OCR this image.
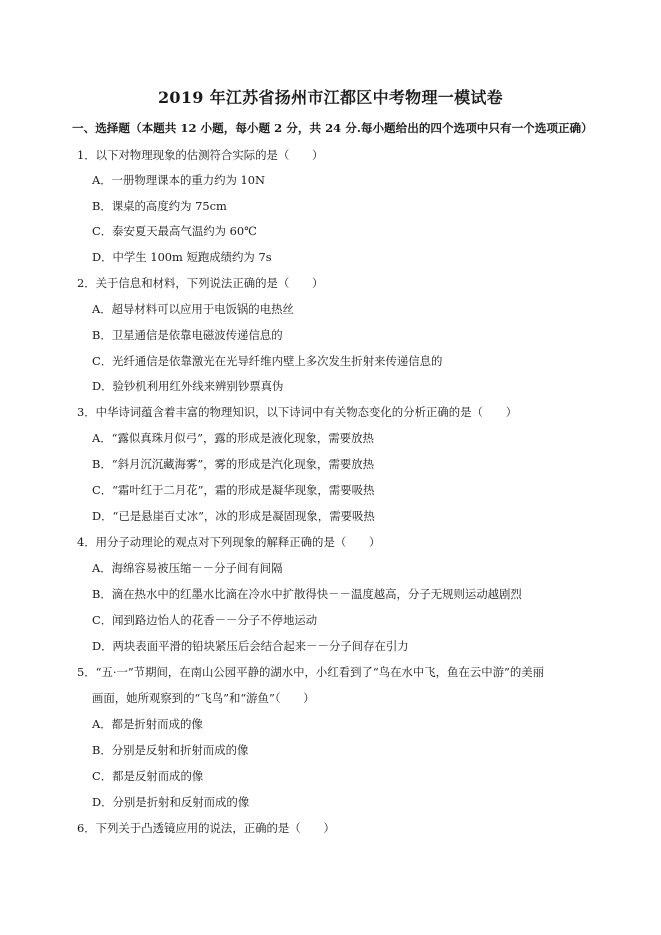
2019 年江苏省扬州市江都区中考物理一模试卷
一、选择题（本题共 12 小题，每小题 2 分，共 24 分.每小题给出的四个选项中只有一个选项正确）
1．以下对物理现象的估测符合实际的是（　　）
A．一册物理课本的重力约为 10N
B．课桌的高度约为 75cm
C．泰安夏天最高气温约为 60℃
D．中学生 100m 短跑成绩约为 7s
2．关于信息和材料，下列说法正确的是（　　）
A．超导材料可以应用于电饭锅的电热丝
B．卫星通信是依靠电磁波传递信息的
C．光纤通信是依靠激光在光导纤维内壁上多次发生折射来传递信息的
D．验钞机利用红外线来辨别钞票真伪
3．中华诗词蕴含着丰富的物理知识，以下诗词中有关物态变化的分析正确的是（　　）
A．“露似真珠月似弓”，露的形成是液化现象，需要放热
B．“斜月沉沉藏海雾”，雾的形成是汽化现象，需要放热
C．“霜叶红于二月花”，霜的形成是凝华现象，需要吸热
D．“已是悬崖百丈冰”，冰的形成是凝固现象，需要吸热
4．用分子动理论的观点对下列现象的解释正确的是（　　）
A．海绵容易被压缩－－分子间有间隔
B．滴在热水中的红墨水比滴在冷水中扩散得快－－温度越高，分子无规则运动越剧烈
C．闻到路边怡人的花香－－分子不停地运动
D．两块表面平滑的铅块紧压后会结合起来－－分子间存在引力
5．“五·一”节期间，在南山公园平静的湖水中，小红看到了“鸟在水中飞，鱼在云中游”的美丽
画面，她所观察到的“飞鸟”和“游鱼”（　　）
A．都是折射而成的像
B．分别是反射和折射而成的像
C．都是反射而成的像
D．分别是折射和反射而成的像
6．下列关于凸透镜应用的说法，正确的是（　　）
